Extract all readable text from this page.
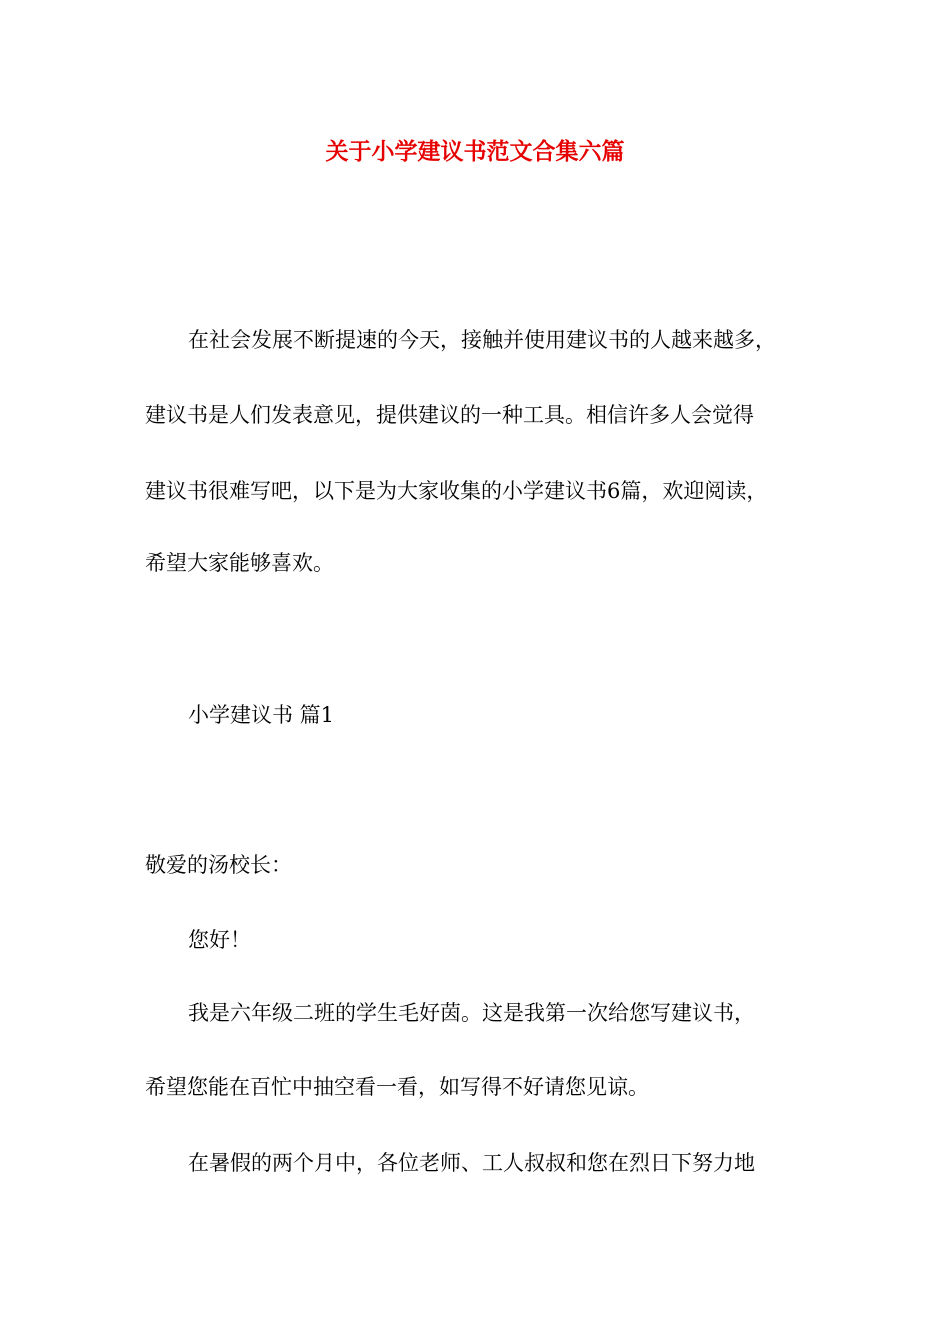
关于小学建议书范文合集六篇
在社会发展不断提速的今天，接触并使用建议书的人越来越多，
建议书是人们发表意见，提供建议的一种工具。相信许多人会觉得
建议书很难写吧，以下是为大家收集的小学建议书6篇，欢迎阅读，
希望大家能够喜欢。
小学建议书 篇1
敬爱的汤校长：
您好！
我是六年级二班的学生毛好茵。这是我第一次给您写建议书，
希望您能在百忙中抽空看一看，如写得不好请您见谅。
在暑假的两个月中，各位老师、工人叔叔和您在烈日下努力地
